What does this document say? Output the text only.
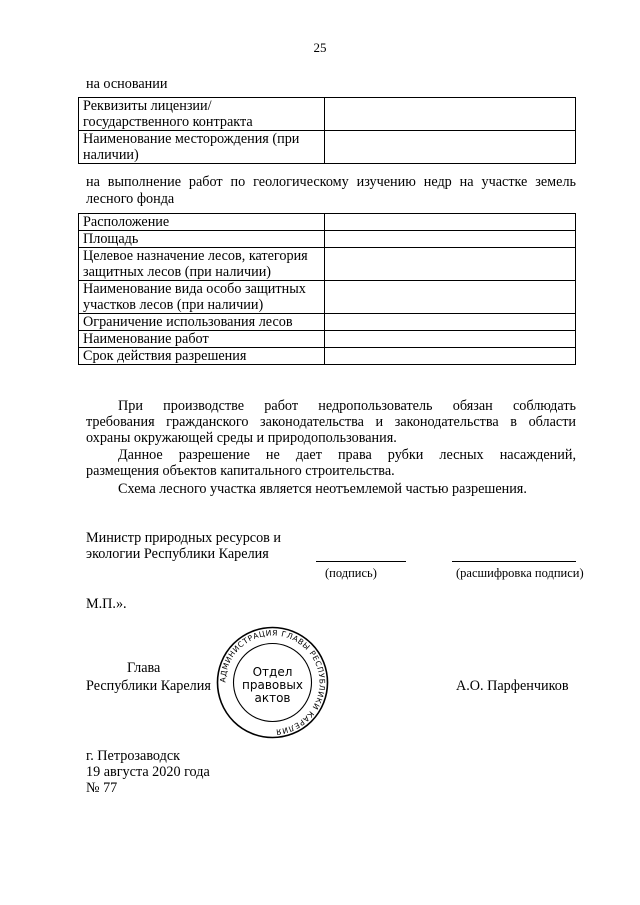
25
на основании
Реквизиты лицензии/
государственного контракта	

Наименование месторождения (при
наличии)	

на выполнение работ по геологическому изучению недр на участке земель
лесного фонда
Расположение	

Площадь	

Целевое назначение лесов, категория
защитных лесов (при наличии)	

Наименование вида особо защитных
участков лесов (при наличии)	

Ограничение использования лесов	

Наименование работ	

Срок действия разрешения	

При производстве работ недропользователь обязан соблюдать
требования гражданского законодательства и законодательства в области
охраны окружающей среды и природопользования.
Данное разрешение не дает права рубки лесных насаждений,
размещения объектов капитального строительства.
Схема лесного участка является неотъемлемой частью разрешения.
Министр природных ресурсов и
экологии Республики Карелия
(подпись)	(расшифровка подписи)
М.П.».
Глава
Республики Карелия	А.О. Парфенчиков
АДМИНИСТРАЦИЯ ГЛАВЫ РЕСПУБЛИКИ КАРЕЛИЯ
Отдел
правовых
актов
г. Петрозаводск
19 августа 2020 года
№ 77
